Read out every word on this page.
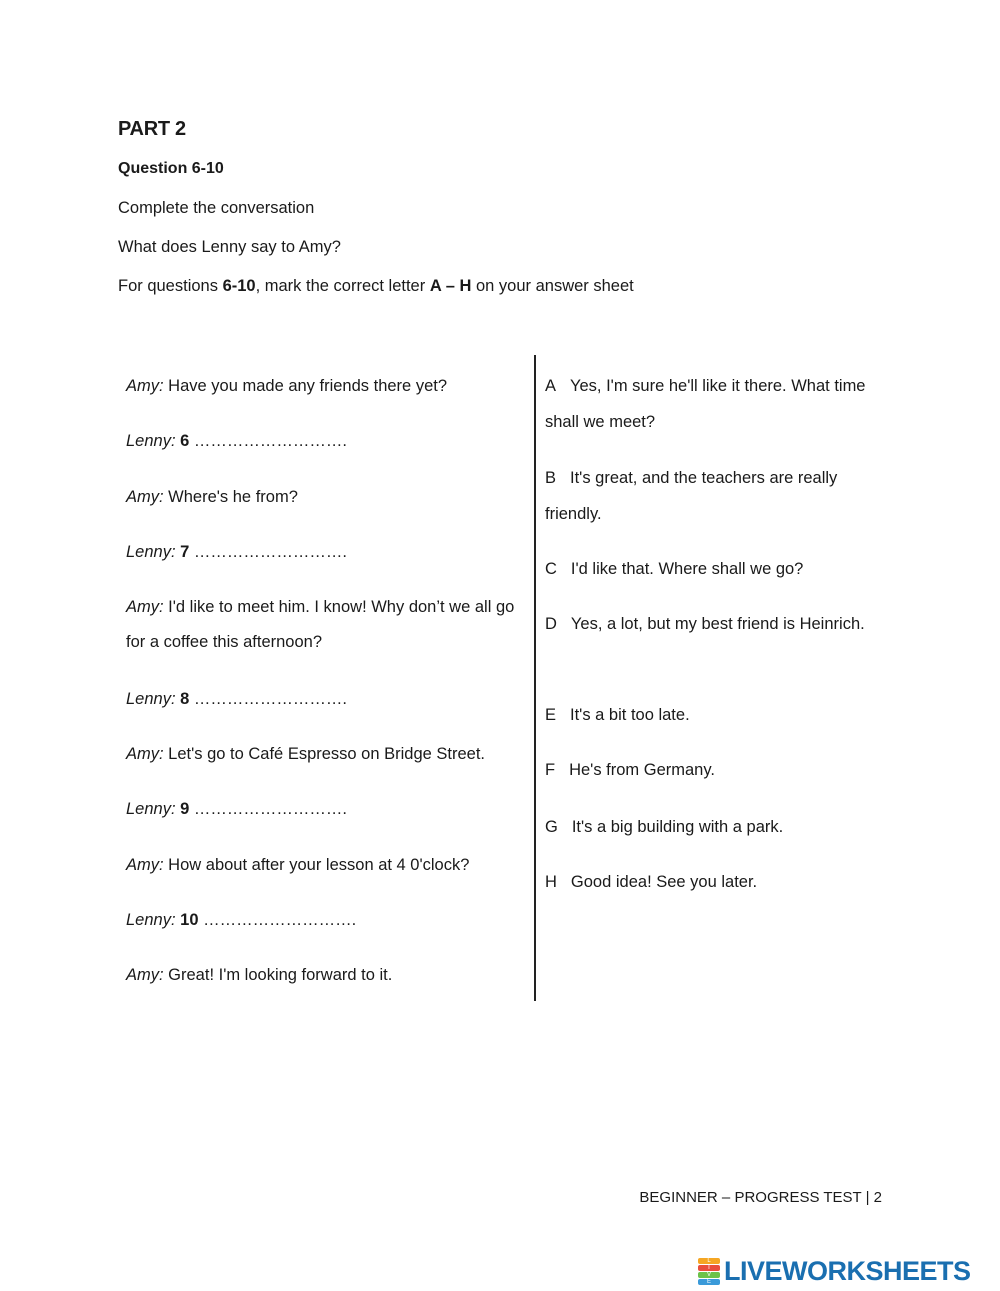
PART 2
Question 6-10
Complete the conversation
What does Lenny say to Amy?
For questions 6-10, mark the correct letter A – H on your answer sheet
Amy: Have you made any friends there yet?
Lenny: 6 ……………………….
Amy: Where's he from?
Lenny: 7 ……………………….
Amy: I'd like to meet him. I know! Why don’t we all go for a coffee this afternoon?
Lenny: 8 ……………………….
Amy: Let's go to Café Espresso on Bridge Street.
Lenny: 9 ……………………….
Amy: How about after your lesson at 4 0'clock?
Lenny: 10 ……………………….
Amy: Great! I'm looking forward to it.
A Yes, I'm sure he'll like it there. What time shall we meet?
B It's great, and the teachers are really friendly.
C I'd like that. Where shall we go?
D Yes, a lot, but my best friend is Heinrich.
E It's a bit too late.
F He's from Germany.
G It's a big building with a park.
H Good idea! See you later.
BEGINNER – PROGRESS TEST | 2
L
I
V
E LIVEWORKSHEETS
